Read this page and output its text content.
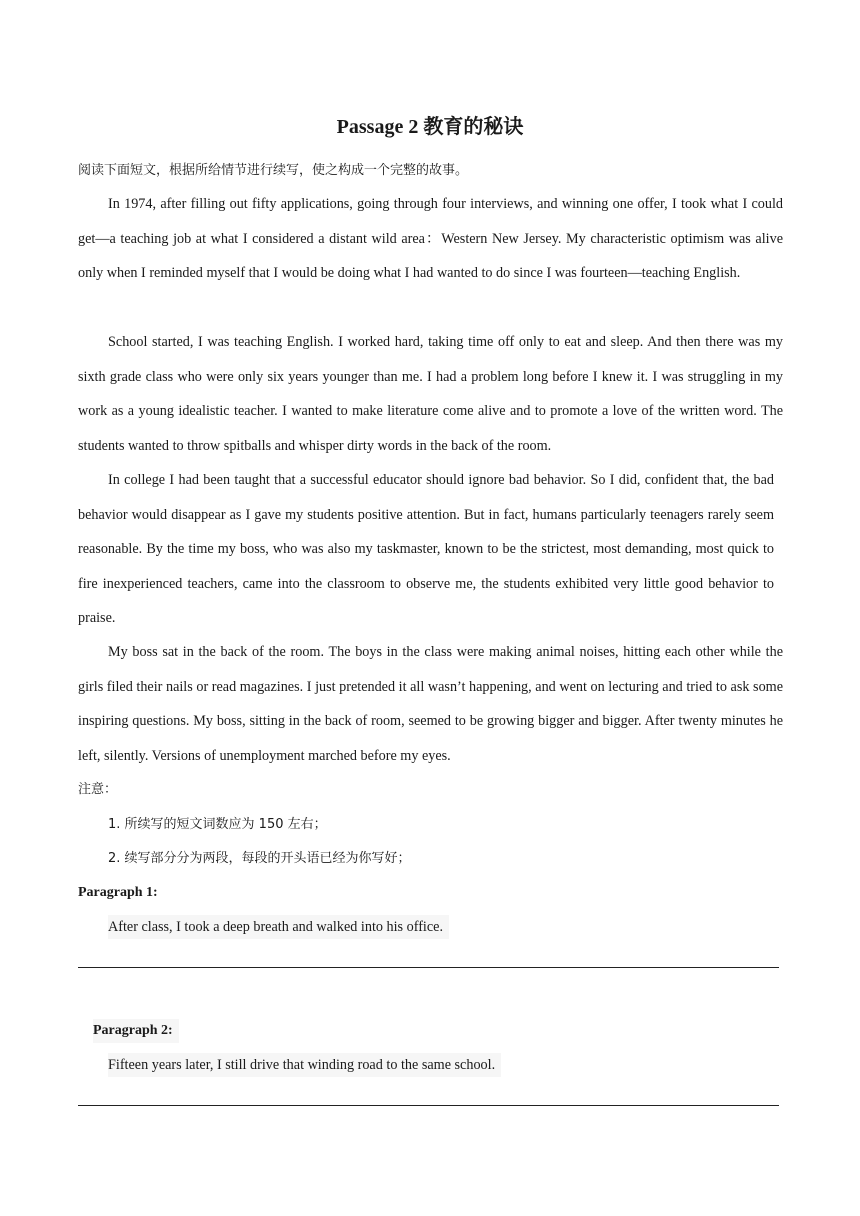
Passage 2 教育的秘诀
阅读下面短文，根据所给情节进行续写，使之构成一个完整的故事。

In 1974, after filling out fifty applications, going through four interviews, and winning one offer, I took what I could get—a teaching job at what I considered a distant wild area：Western New Jersey. My characteristic optimism was alive only when I reminded myself that I would be doing what I had wanted to do since I was fourteen—teaching English.

School started, I was teaching English. I worked hard, taking time off only to eat and sleep. And then there was my sixth grade class who were only six years younger than me. I had a problem long before I knew it. I was struggling in my work as a young idealistic teacher. I wanted to make literature come alive and to promote a love of the written word. The students wanted to throw spitballs and whisper dirty words in the back of the room.

In college I had been taught that a successful educator should ignore bad behavior. So I did, confident that, the bad behavior would disappear as I gave my students positive attention. But in fact, humans particularly teenagers rarely seem reasonable. By the time my boss, who was also my taskmaster, known to be the strictest, most demanding, most quick to fire inexperienced teachers, came into the classroom to observe me, the students exhibited very little good behavior to praise.

My boss sat in the back of the room. The boys in the class were making animal noises, hitting each other while the girls filed their nails or read magazines. I just pretended it all wasn’t happening, and went on lecturing and tried to ask some inspiring questions. My boss, sitting in the back of room, seemed to be growing bigger and bigger. After twenty minutes he left, silently. Versions of unemployment marched before my eyes.

注意：
1. 所续写的短文词数应为 150 左右；
2. 续写部分分为两段，每段的开头语已经为你写好；
Paragraph 1:
After class, I took a deep breath and walked into his office.
Paragraph 2:
Fifteen years later, I still drive that winding road to the same school.
